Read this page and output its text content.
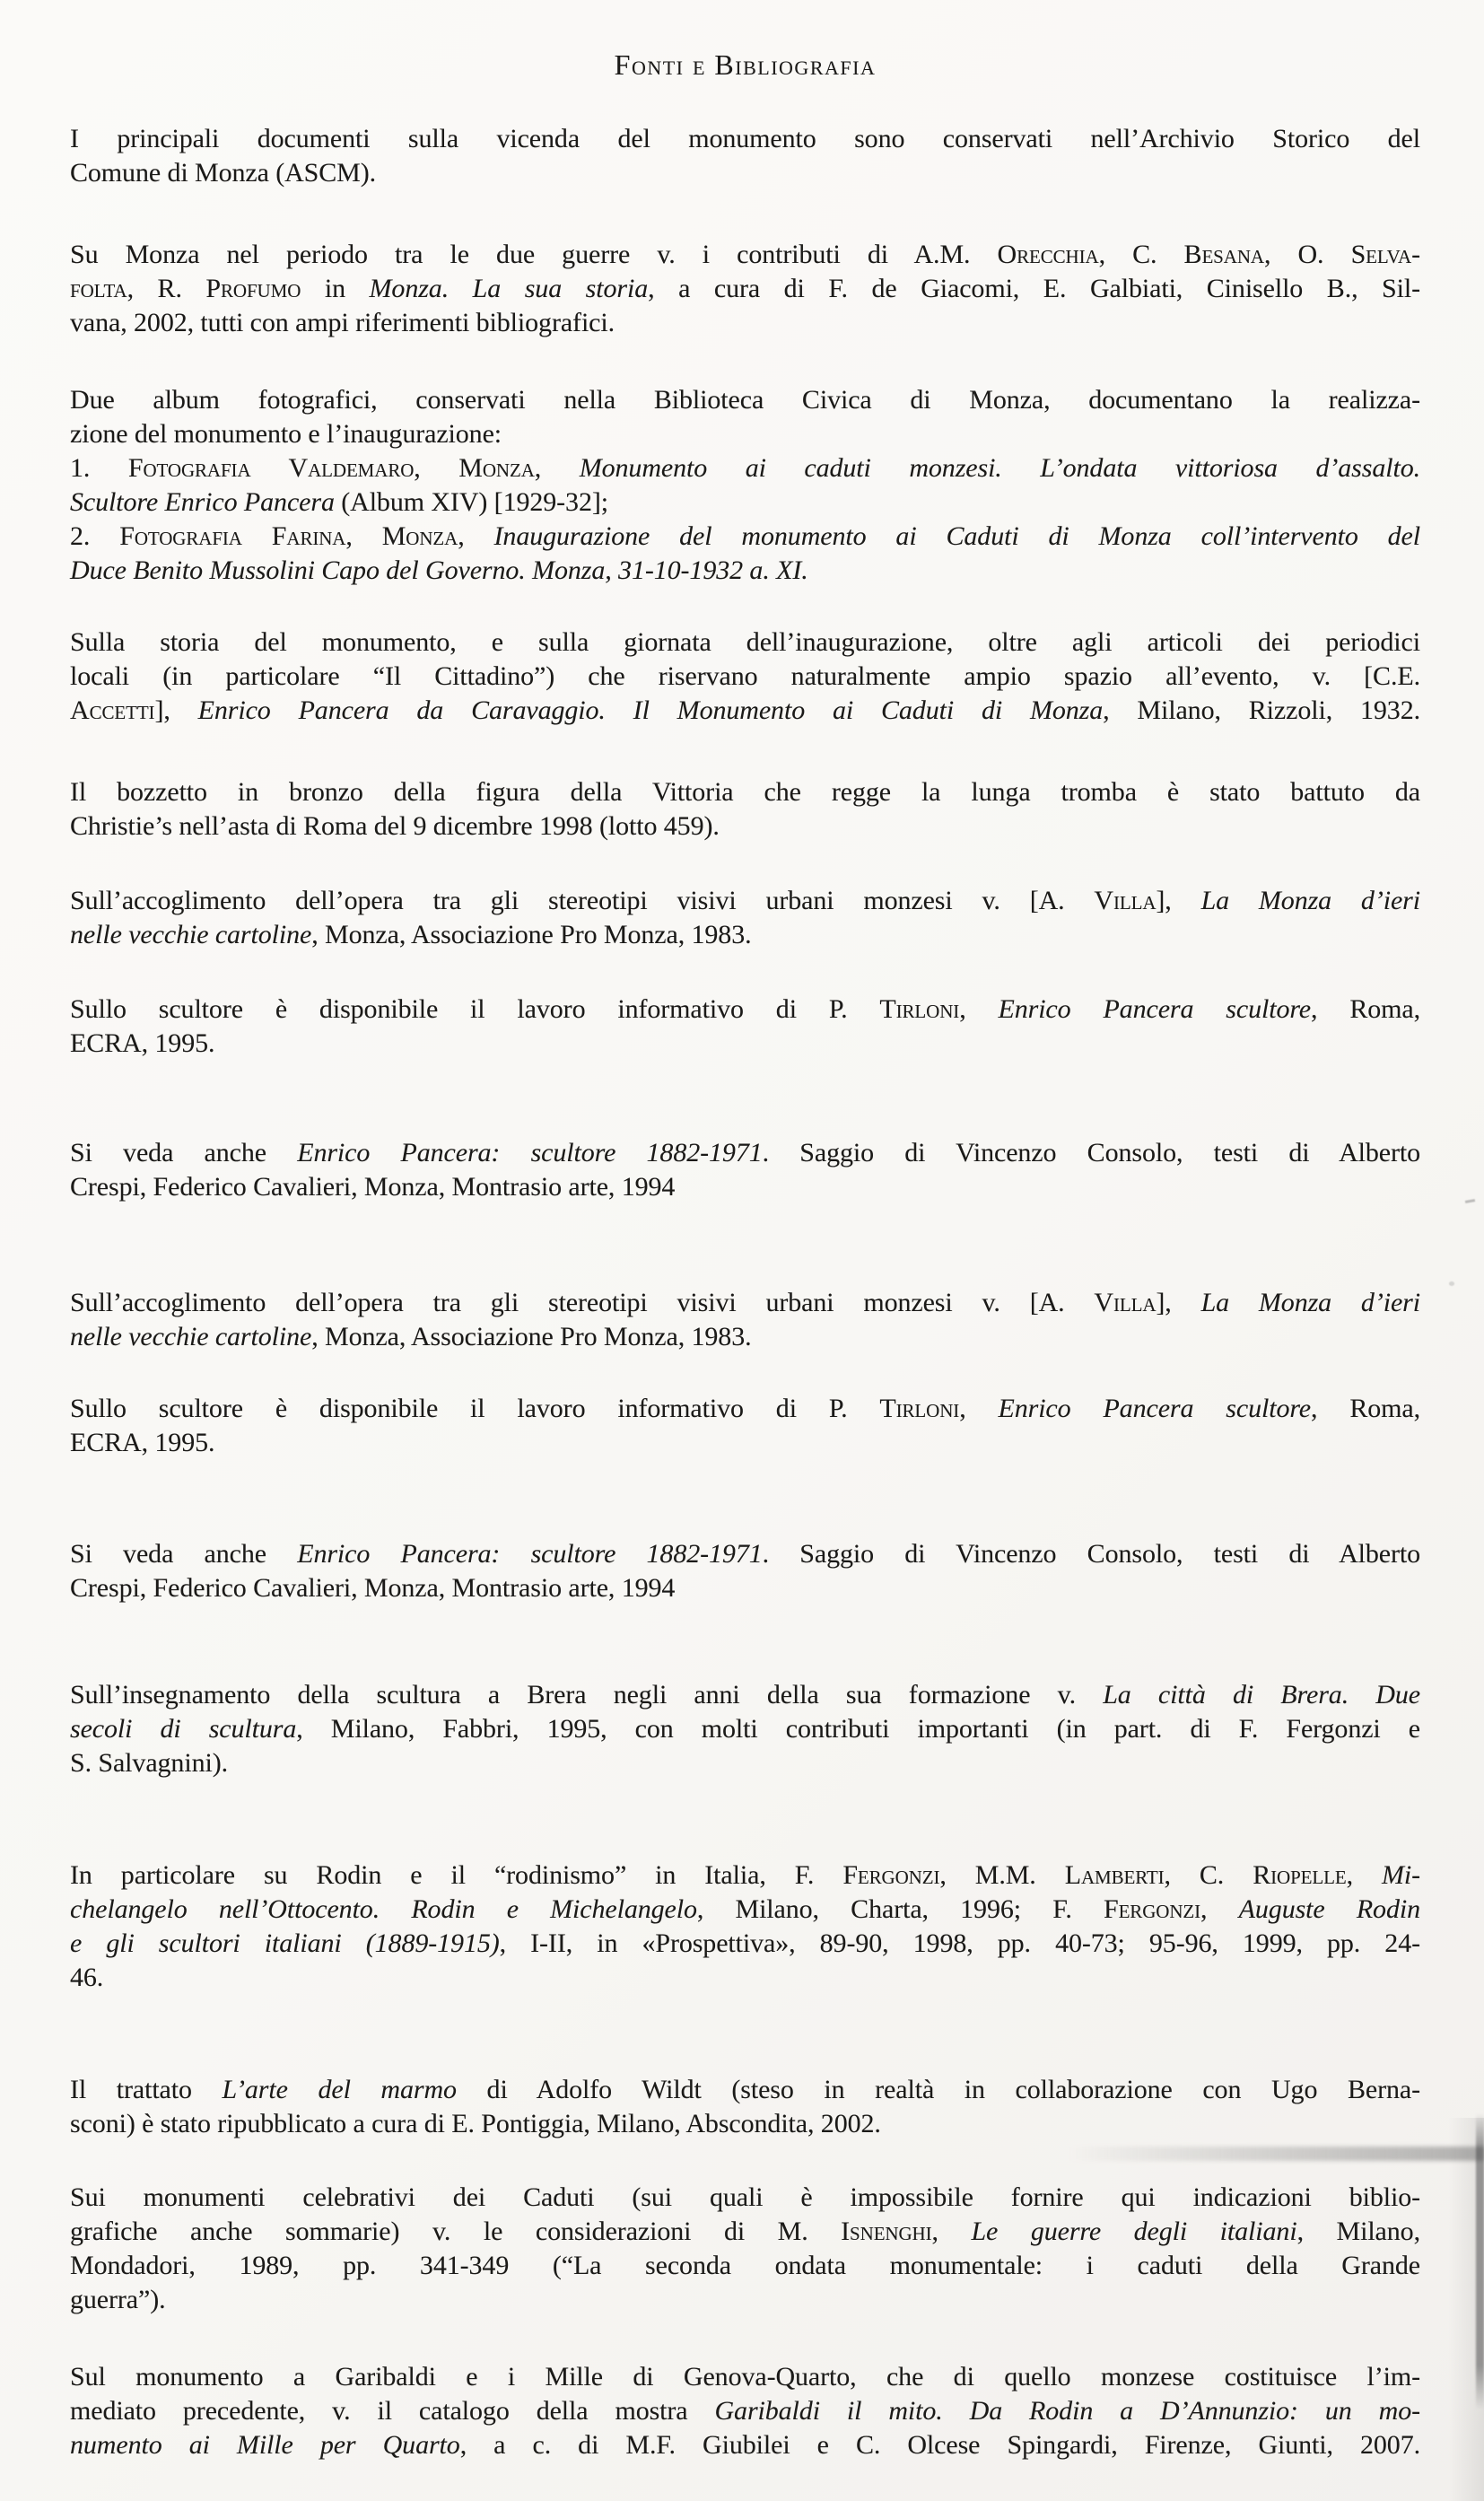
Fonti e Bibliografia

I principali documenti sulla vicenda del monumento sono conservati nell’Archivio Storico del
Comune di Monza (ASCM).

Su Monza nel periodo tra le due guerre v. i contributi di A.M. Orecchia, C. Besana, O. Selva-
folta, R. Profumo in Monza. La sua storia, a cura di F. de Giacomi, E. Galbiati, Cinisello B., Sil-
vana, 2002, tutti con ampi riferimenti bibliografici.

Due album fotografici, conservati nella Biblioteca Civica di Monza, documentano la realizza-
zione del monumento e l’inaugurazione:
1. Fotografia Valdemaro, Monza, Monumento ai caduti monzesi. L’ondata vittoriosa d’assalto.
Scultore Enrico Pancera (Album XIV) [1929-32];
2. Fotografia Farina, Monza, Inaugurazione del monumento ai Caduti di Monza coll’intervento del
Duce Benito Mussolini Capo del Governo. Monza, 31-10-1932 a. XI.

Sulla storia del monumento, e sulla giornata dell’inaugurazione, oltre agli articoli dei periodici
locali (in particolare “Il Cittadino”) che riservano naturalmente ampio spazio all’evento, v. [C.E.
Accetti], Enrico Pancera da Caravaggio. Il Monumento ai Caduti di Monza, Milano, Rizzoli, 1932.

Il bozzetto in bronzo della figura della Vittoria che regge la lunga tromba è stato battuto da
Christie’s nell’asta di Roma del 9 dicembre 1998 (lotto 459).

Sull’accoglimento dell’opera tra gli stereotipi visivi urbani monzesi v. [A. Villa], La Monza d’ieri
nelle vecchie cartoline, Monza, Associazione Pro Monza, 1983.

Sullo scultore è disponibile il lavoro informativo di P. Tirloni, Enrico Pancera scultore, Roma,
ECRA, 1995.

Si veda anche Enrico Pancera: scultore 1882-1971. Saggio di Vincenzo Consolo, testi di Alberto
Crespi, Federico Cavalieri, Monza, Montrasio arte, 1994

Sull’accoglimento dell’opera tra gli stereotipi visivi urbani monzesi v. [A. Villa], La Monza d’ieri
nelle vecchie cartoline, Monza, Associazione Pro Monza, 1983.

Sullo scultore è disponibile il lavoro informativo di P. Tirloni, Enrico Pancera scultore, Roma,
ECRA, 1995.

Si veda anche Enrico Pancera: scultore 1882-1971. Saggio di Vincenzo Consolo, testi di Alberto
Crespi, Federico Cavalieri, Monza, Montrasio arte, 1994

Sull’insegnamento della scultura a Brera negli anni della sua formazione v. La città di Brera. Due
secoli di scultura, Milano, Fabbri, 1995, con molti contributi importanti (in part. di F. Fergonzi e
S. Salvagnini).

In particolare su Rodin e il “rodinismo” in Italia, F. Fergonzi, M.M. Lamberti, C. Riopelle, Mi-
chelangelo nell’Ottocento. Rodin e Michelangelo, Milano, Charta, 1996; F. Fergonzi, Auguste Rodin
e gli scultori italiani (1889-1915), I-II, in «Prospettiva», 89-90, 1998, pp. 40-73; 95-96, 1999, pp. 24-
46.

Il trattato L’arte del marmo di Adolfo Wildt (steso in realtà in collaborazione con Ugo Berna-
sconi) è stato ripubblicato a cura di E. Pontiggia, Milano, Abscondita, 2002.

Sui monumenti celebrativi dei Caduti (sui quali è impossibile fornire qui indicazioni biblio-
grafiche anche sommarie) v. le considerazioni di M. Isnenghi, Le guerre degli italiani, Milano,
Mondadori, 1989, pp. 341-349 (“La seconda ondata monumentale: i caduti della Grande
guerra”).

Sul monumento a Garibaldi e i Mille di Genova-Quarto, che di quello monzese costituisce l’im-
mediato precedente, v. il catalogo della mostra Garibaldi il mito. Da Rodin a D’Annunzio: un mo-
numento ai Mille per Quarto, a c. di M.F. Giubilei e C. Olcese Spingardi, Firenze, Giunti, 2007.
